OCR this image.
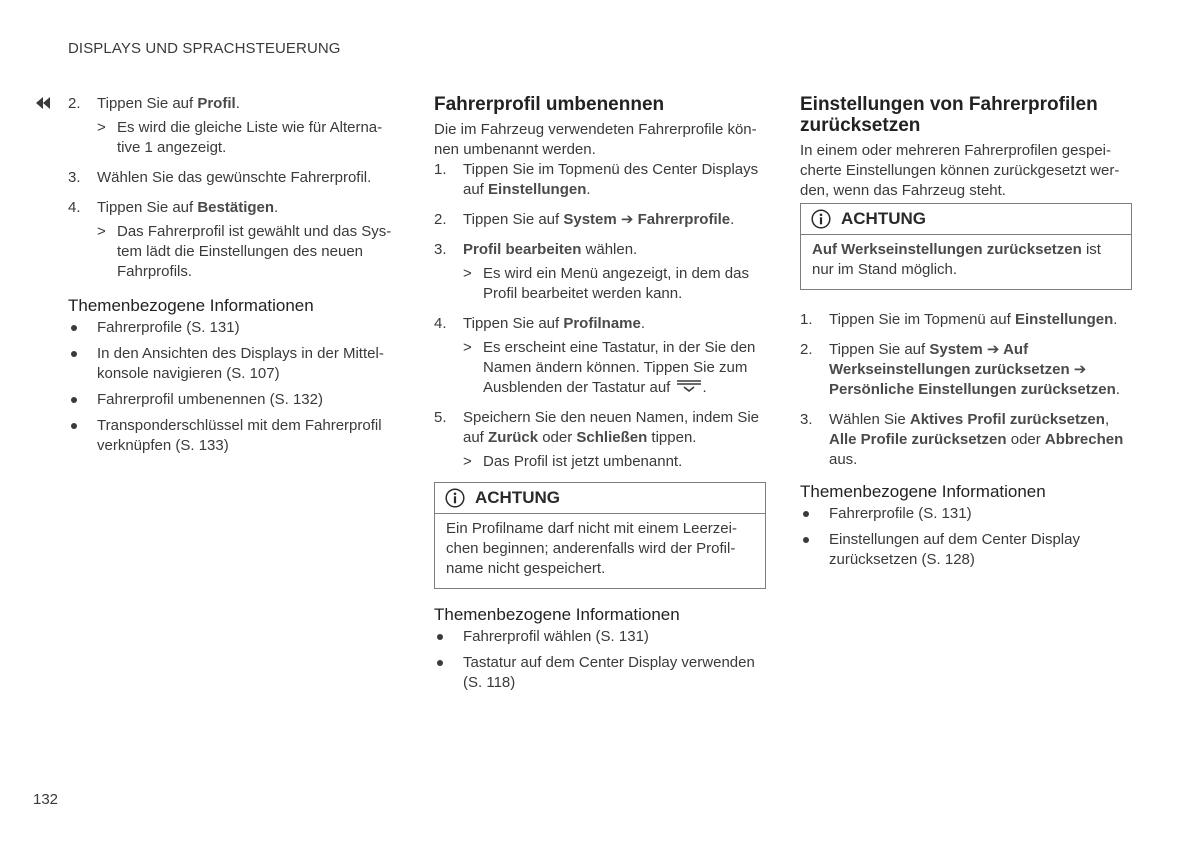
DISPLAYS UND SPRACHSTEUERUNG
2. Tippen Sie auf Profil.
> Es wird die gleiche Liste wie für Alternative 1 angezeigt.
3. Wählen Sie das gewünschte Fahrerprofil.
4. Tippen Sie auf Bestätigen.
> Das Fahrerprofil ist gewählt und das System lädt die Einstellungen des neuen Fahrprofils.
Themenbezogene Informationen
Fahrerprofile (S. 131)
In den Ansichten des Displays in der Mittelkonsole navigieren (S. 107)
Fahrerprofil umbenennen (S. 132)
Transponderschlüssel mit dem Fahrerprofil verknüpfen (S. 133)
Fahrerprofil umbenennen

Die im Fahrzeug verwendeten Fahrerprofile können umbenannt werden.

1. Tippen Sie im Topmenü des Center Displays auf Einstellungen.
2. Tippen Sie auf System ➔ Fahrerprofile.
3. Profil bearbeiten wählen.
> Es wird ein Menü angezeigt, in dem das Profil bearbeitet werden kann.
4. Tippen Sie auf Profilname.
> Es erscheint eine Tastatur, in der Sie den Namen ändern können. Tippen Sie zum Ausblenden der Tastatur auf .
5. Speichern Sie den neuen Namen, indem Sie auf Zurück oder Schließen tippen.
> Das Profil ist jetzt umbenannt.
ACHTUNG
Ein Profilname darf nicht mit einem Leerzeichen beginnen; anderenfalls wird der Profilname nicht gespeichert.
Themenbezogene Informationen
Fahrerprofil wählen (S. 131)
Tastatur auf dem Center Display verwenden (S. 118)
Einstellungen von Fahrerprofilen zurücksetzen

In einem oder mehreren Fahrerprofilen gespeicherte Einstellungen können zurückgesetzt werden, wenn das Fahrzeug steht.

ACHTUNG
Auf Werkseinstellungen zurücksetzen ist nur im Stand möglich.
1. Tippen Sie im Topmenü auf Einstellungen.
2. Tippen Sie auf System ➔ Auf Werkseinstellungen zurücksetzen ➔ Persönliche Einstellungen zurücksetzen.
3. Wählen Sie Aktives Profil zurücksetzen, Alle Profile zurücksetzen oder Abbrechen aus.
Themenbezogene Informationen
Fahrerprofile (S. 131)
Einstellungen auf dem Center Display zurücksetzen (S. 128)
132
